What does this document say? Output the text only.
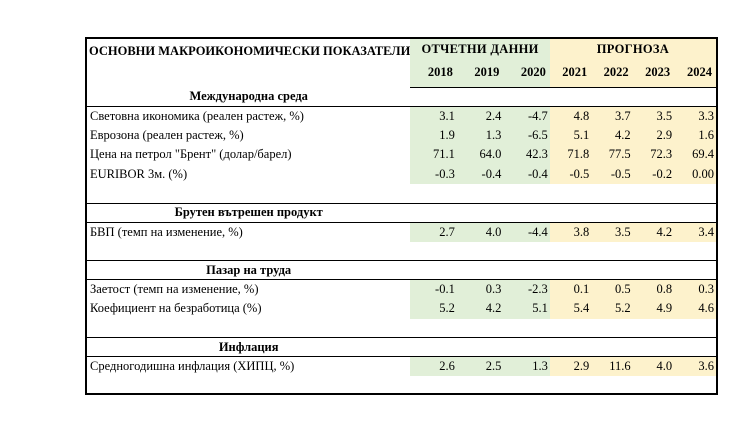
ОСНОВНИ МАКРОИКОНОМИЧЕСКИ ПОКАЗАТЕЛИ	ОТЧЕТНИ ДАННИ			ПРОГНОЗА			
	2018	2019	2020	2021	2022	2023	2024
Международна среда							
Световна икономика (реален растеж, %)	3.1	2.4	-4.7	4.8	3.7	3.5	3.3
Еврозона (реален растеж, %)	1.9	1.3	-6.5	5.1	4.2	2.9	1.6
Цена на петрол "Брент" (долар/барел)	71.1	64.0	42.3	71.8	77.5	72.3	69.4
EURIBOR 3м. (%)	-0.3	-0.4	-0.4	-0.5	-0.5	-0.2	0.00

Брутен вътрешен продукт							
БВП (темп на изменение, %)	2.7	4.0	-4.4	3.8	3.5	4.2	3.4

Пазар на труда							
Заетост (темп на изменение, %)	-0.1	0.3	-2.3	0.1	0.5	0.8	0.3
Коефициент на безработица (%)	5.2	4.2	5.1	5.4	5.2	4.9	4.6

Инфлация							
Средногодишна инфлация (ХИПЦ, %)	2.6	2.5	1.3	2.9	11.6	4.0	3.6
